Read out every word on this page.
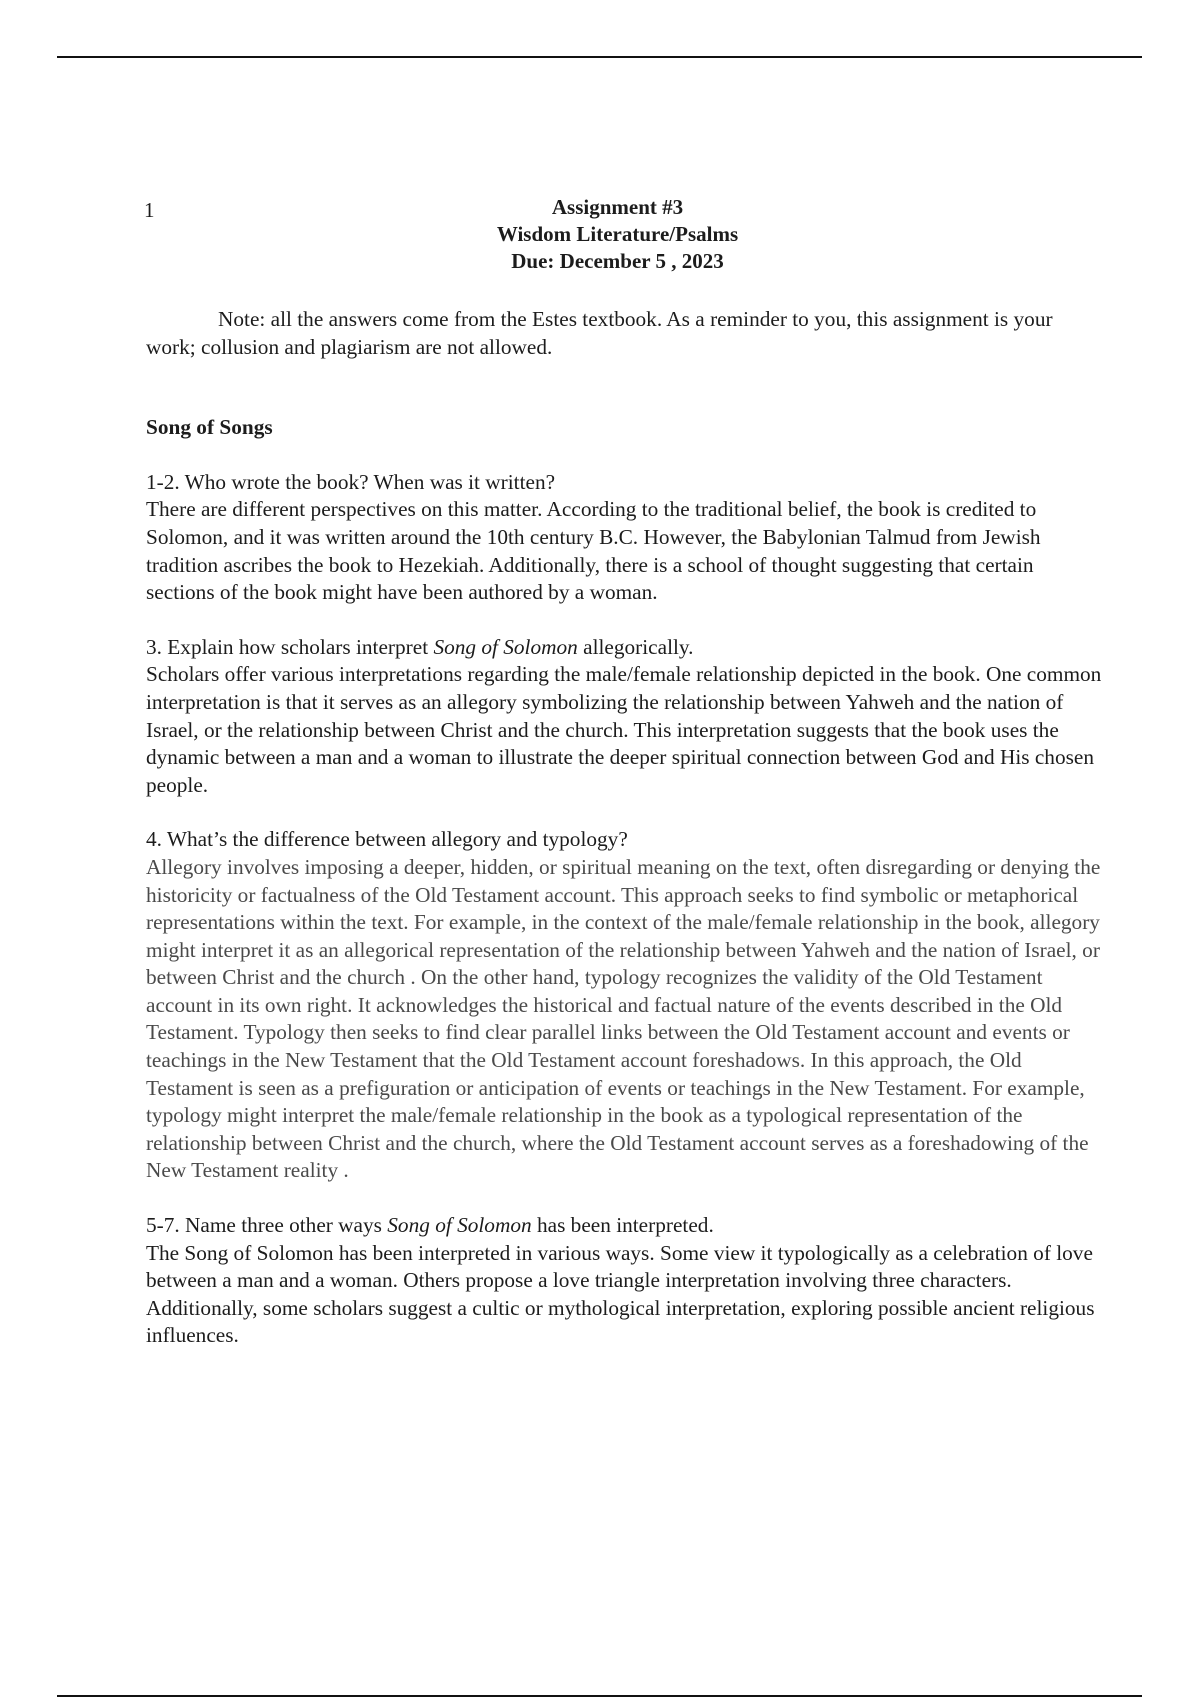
1	Assignment #3
Wisdom Literature/Psalms
Due: December 5 , 2023

Note: all the answers come from the Estes textbook. As a reminder to you, this assignment is your work; collusion and plagiarism are not allowed.

Song of Songs

1-2. Who wrote the book? When was it written?

There are different perspectives on this matter. According to the traditional belief, the book is credited to Solomon, and it was written around the 10th century B.C. However, the Babylonian Talmud from Jewish tradition ascribes the book to Hezekiah. Additionally, there is a school of thought suggesting that certain sections of the book might have been authored by a woman.

3. Explain how scholars interpret Song of Solomon allegorically.

Scholars offer various interpretations regarding the male/female relationship depicted in the book. One common interpretation is that it serves as an allegory symbolizing the relationship between Yahweh and the nation of Israel, or the relationship between Christ and the church. This interpretation suggests that the book uses the dynamic between a man and a woman to illustrate the deeper spiritual connection between God and His chosen people.

4. What’s the difference between allegory and typology?

Allegory involves imposing a deeper, hidden, or spiritual meaning on the text, often disregarding or denying the historicity or factualness of the Old Testament account. This approach seeks to find symbolic or metaphorical representations within the text. For example, in the context of the male/female relationship in the book, allegory might interpret it as an allegorical representation of the relationship between Yahweh and the nation of Israel, or between Christ and the church . On the other hand, typology recognizes the validity of the Old Testament account in its own right. It acknowledges the historical and factual nature of the events described in the Old Testament. Typology then seeks to find clear parallel links between the Old Testament account and events or teachings in the New Testament that the Old Testament account foreshadows. In this approach, the Old Testament is seen as a prefiguration or anticipation of events or teachings in the New Testament. For example, typology might interpret the male/female relationship in the book as a typological representation of the relationship between Christ and the church, where the Old Testament account serves as a foreshadowing of the New Testament reality .

5-7. Name three other ways Song of Solomon has been interpreted.

The Song of Solomon has been interpreted in various ways. Some view it typologically as a celebration of love between a man and a woman. Others propose a love triangle interpretation involving three characters. Additionally, some scholars suggest a cultic or mythological interpretation, exploring possible ancient religious influences.
